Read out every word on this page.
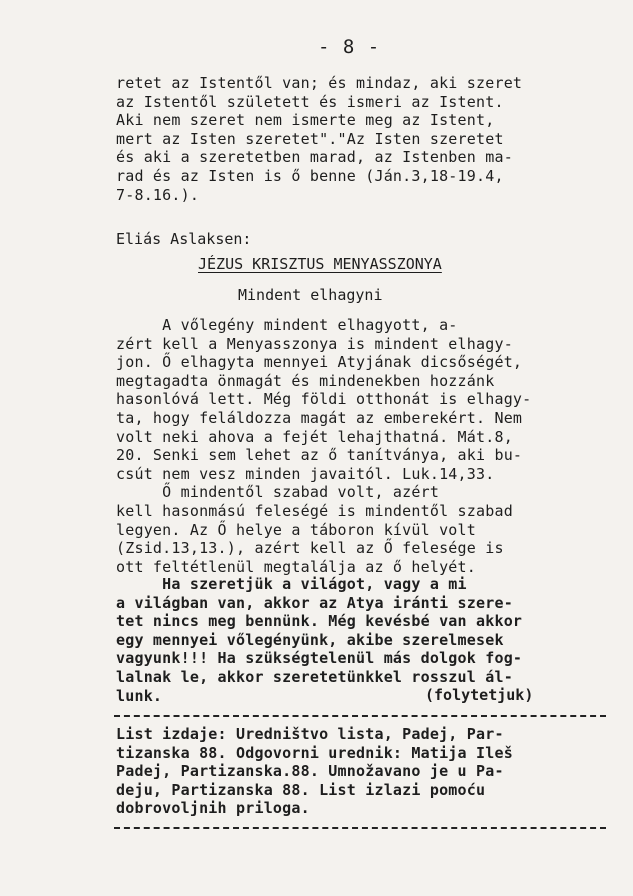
- 8 -
retet az Istentől van; és mindaz, aki szeret
az Istentől született és ismeri az Istent.
Aki nem szeret nem ismerte meg az Istent,
mert az Isten szeretet"."Az Isten szeretet
és aki a szeretetben marad, az Istenben ma-
rad és az Isten is ő benne (Ján.3,18-19.4,
7-8.16.).
Eliás Aslaksen:
JÉZUS KRISZTUS MENYASSZONYA
Mindent elhagyni
A vőlegény mindent elhagyott, a-
zért kell a Menyasszonya is mindent elhagy-
jon. Ő elhagyta mennyei Atyjának dicsőségét,
megtagadta önmagát és mindenekben hozzánk
hasonlóvá lett. Még földi otthonát is elhagy-
ta, hogy feláldozza magát az emberekért. Nem
volt neki ahova a fejét lehajthatná. Mát.8,
20. Senki sem lehet az ő tanítványa, aki bu-
csút nem vesz minden javaitól. Luk.14,33.
Ő mindentől szabad volt, azért
kell hasonmású feleségé is mindentől szabad
legyen. Az Ő helye a táboron kívül volt
(Zsid.13,13.), azért kell az Ő felesége is
ott feltétlenül megtalálja az ő helyét.
Ha szeretjük a világot, vagy a mi
a világban van, akkor az Atya iránti szere-
tet nincs meg bennünk. Még kevésbé van akkor
egy mennyei vőlegényünk, akibe szerelmesek
vagyunk!!! Ha szükségtelenül más dolgok fog-
lalnak le, akkor szeretetünkkel rosszul ál-
lunk.	(folytetjuk)
List izdaje: Uredništvo lista, Padej, Par-
tizanska 88. Odgovorni urednik: Matija Ileš
Padej, Partizanska.88. Umnožavano je u Pa-
deju, Partizanska 88. List izlazi pomoću
dobrovoljnih priloga.
